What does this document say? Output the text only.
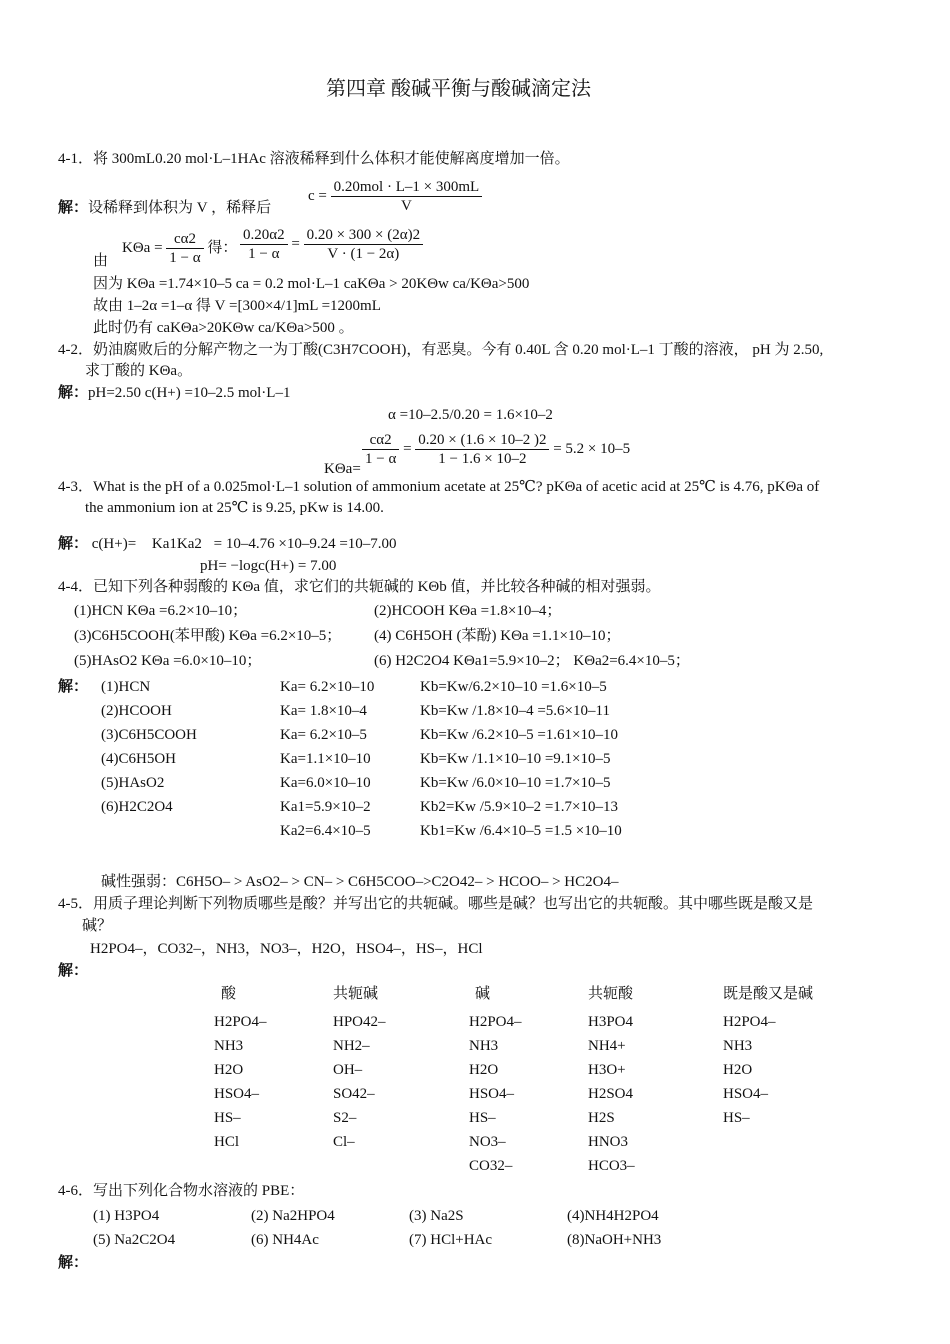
第四章 酸碱平衡与酸碱滴定法
4-1．将 300mL0.20 mol·L–1HAc 溶液稀释到什么体积才能使解离度增加一倍。
$c = \frac{\text{0.20mol · L–1 × 300mL}}{V}$
解：设稀释到体积为 V ，稀释后
由
$K\Theta a = \frac{c\alpha 2}{1 - \alpha}$ 得： $\frac{0.20\alpha 2}{1 - \alpha} = \frac{0.20 \times 300 \times (2\alpha)2}{V \cdot (1 - 2\alpha)}$
因为 KΘa =1.74×10–5 ca = 0.2 mol·L–1 caKΘa > 20KΘw ca/KΘa>500
故由 1–2α =1–α 得 V =[300×4/1]mL =1200mL
此时仍有 caKΘa>20KΘw ca/KΘa>500 。
4-2．奶油腐败后的分解产物之一为丁酸(C3H7COOH)，有恶臭。今有 0.40L 含 0.20 mol·L–1 丁酸的溶液， pH 为 2.50,
求丁酸的 KΘa。
解：pH=2.50 c(H+) =10–2.5 mol·L–1
α =10–2.5/0.20 = 1.6×10–2
KΘa=
$\frac{c\alpha 2}{1 - \alpha} = \frac{0.20 \times (1.6 \times 10-2 )2}{1 - 1.6 \times 10-2} = 5.2 \times 10-5$
4-3．What is the pH of a 0.025mol·L–1 solution of ammonium acetate at 25℃? pKΘa of acetic acid at 25℃ is 4.76, pKΘa of
the ammonium ion at 25℃ is 9.25, pKw is 14.00.
解： c(H+)= Ka1Ka2 = 10–4.76 ×10–9.24 =10–7.00
pH= −logc(H+) = 7.00
4-4．已知下列各种弱酸的 KΘa 值，求它们的共轭碱的 KΘb 值，并比较各种碱的相对强弱。
(1)HCN KΘa =6.2×10–10；	(2)HCOOH KΘa =1.8×10–4；
(3)C6H5COOH(苯甲酸) KΘa =6.2×10–5； (4) C6H5OH (苯酚) KΘa =1.1×10–10；
(5)HAsO2 KΘa =6.0×10–10；	(6) H2C2O4 KΘa1=5.9×10–2； KΘa2=6.4×10–5；
解： (1)HCN	Ka= 6.2×10–10	Kb=Kw/6.2×10–10 =1.6×10–5
(2)HCOOH	Ka= 1.8×10–4	Kb=Kw /1.8×10–4 =5.6×10–11
(3)C6H5COOH	Ka= 6.2×10–5	Kb=Kw /6.2×10–5 =1.61×10–10
(4)C6H5OH	Ka=1.1×10–10	Kb=Kw /1.1×10–10 =9.1×10–5
(5)HAsO2	Ka=6.0×10–10	Kb=Kw /6.0×10–10 =1.7×10–5
(6)H2C2O4	Ka1=5.9×10–2	Kb2=Kw /5.9×10–2 =1.7×10–13
	Ka2=6.4×10–5	Kb1=Kw /6.4×10–5 =1.5 ×10–10
碱性强弱：C6H5O– > AsO2– > CN– > C6H5COO–>C2O42– > HCOO– > HC2O4–
4-5．用质子理论判断下列物质哪些是酸？并写出它的共轭碱。哪些是碱？也写出它的共轭酸。其中哪些既是酸又是
碱？
H2PO4–，CO32–，NH3，NO3–，H2O，HSO4–，HS–，HCl
解：
酸	共轭碱	碱	共轭酸	既是酸又是碱
H2PO4–	HPO42–	H2PO4–	H3PO4	H2PO4–
NH3	NH2–	NH3	NH4+	NH3
H2O	OH–	H2O	H3O+	H2O
HSO4–	SO42–	HSO4–	H2SO4	HSO4–
HS–	S2–	HS–	H2S	HS–
HCl	Cl–	NO3–	HNO3	
		CO32–	HCO3–	
4-6．写出下列化合物水溶液的 PBE：
(1) H3PO4	(2) Na2HPO4	(3) Na2S	(4)NH4H2PO4
(5) Na2C2O4	(6) NH4Ac	(7) HCl+HAc	(8)NaOH+NH3
解：
